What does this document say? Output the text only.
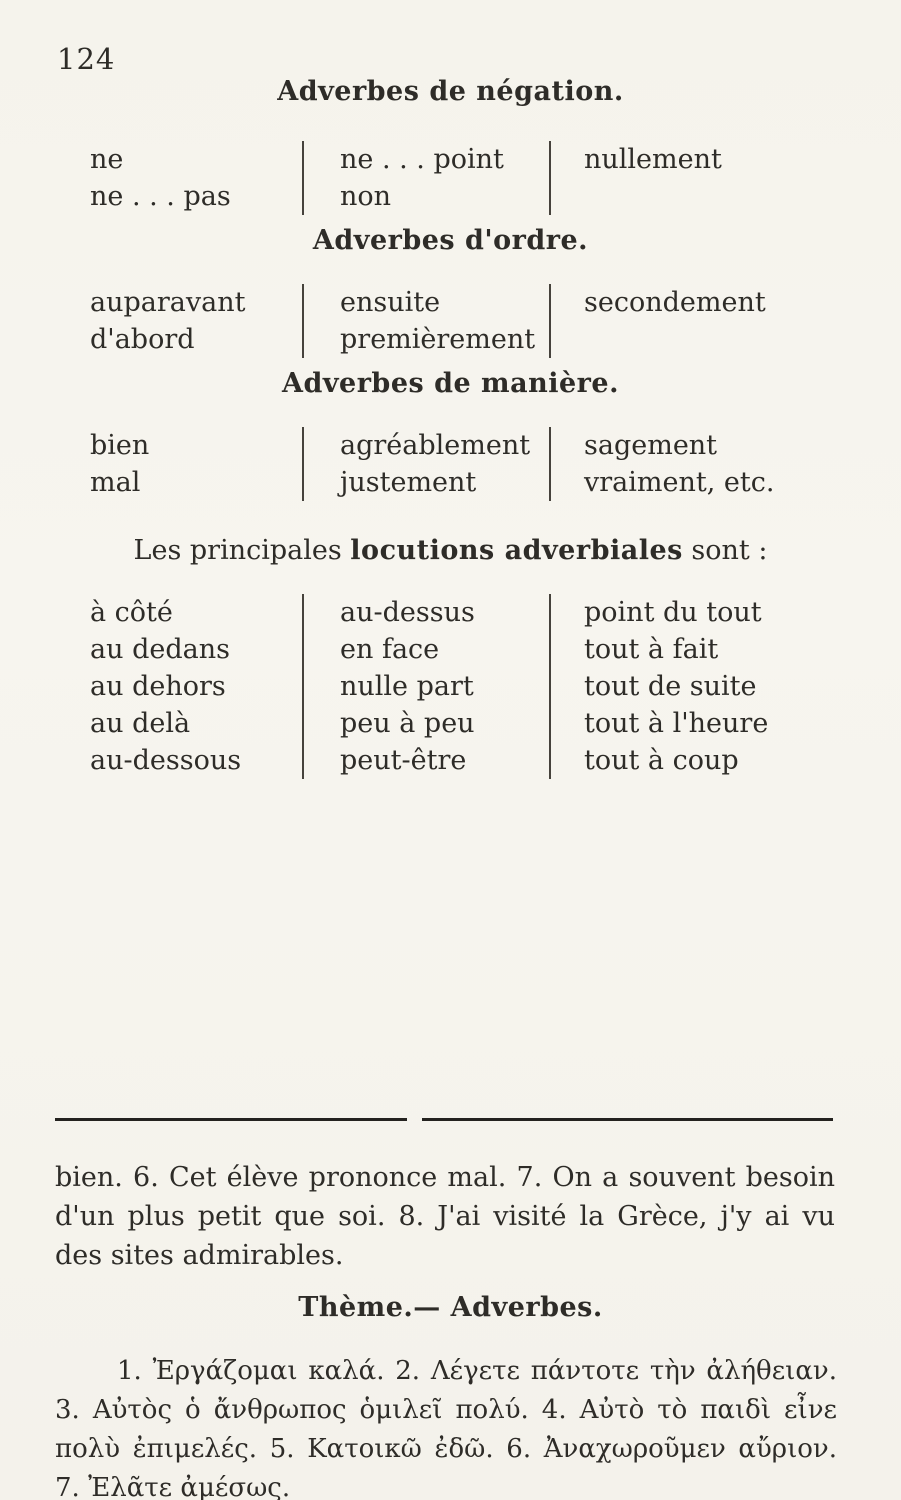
124
Adverbes de négation.
ne
ne . . . pas
ne . . . point
non
nullement
Adverbes d'ordre.
auparavant
d'abord
ensuite
premièrement
secondement
Adverbes de manière.
bien
mal
agréablement
justement
sagement
vraiment, etc.
Les principales locutions adverbiales sont :
à côté
au dedans
au dehors
au delà
au-dessous
au-dessus
en face
nulle part
peu à peu
peut-être
point du tout
tout à fait
tout de suite
tout à l'heure
tout à coup
bien. 6. Cet élève prononce mal. 7. On a souvent besoin d'un plus petit que soi. 8. J'ai visité la Grèce, j'y ai vu des sites admirables.
Thème.— Adverbes.
1. Ἐργάζομαι καλά. 2. Λέγετε πάντοτε τὴν ἀλήθειαν. 3. Αὐτὸς ὁ ἄνθρωπος ὁμιλεῖ πολύ. 4. Αὐτὸ τὸ παιδὶ εἶνε πολὺ ἐπιμελές. 5. Κατοικῶ ἐδῶ. 6. Ἀναχωροῦμεν αὔριον. 7. Ἐλᾶτε ἀμέσως.
